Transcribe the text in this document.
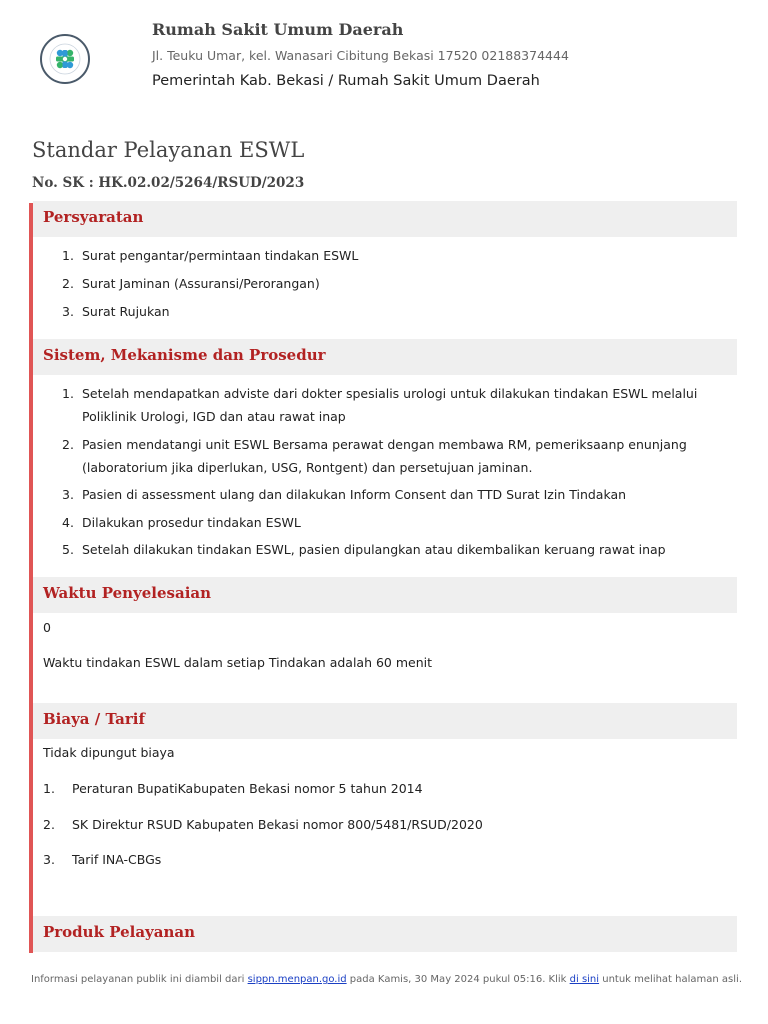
Rumah Sakit Umum Daerah
Jl. Teuku Umar, kel. Wanasari Cibitung Bekasi 17520 02188374444
Pemerintah Kab. Bekasi / Rumah Sakit Umum Daerah
Standar Pelayanan ESWL
No. SK : HK.02.02/5264/RSUD/2023
Persyaratan
1. Surat pengantar/permintaan tindakan ESWL
2. Surat Jaminan (Assuransi/Perorangan)
3. Surat Rujukan
Sistem, Mekanisme dan Prosedur
1. Setelah mendapatkan adviste dari dokter spesialis urologi untuk dilakukan tindakan ESWL melalui Poliklinik Urologi, IGD dan atau rawat inap
2. Pasien mendatangi unit ESWL Bersama perawat dengan membawa RM, pemeriksaanp enunjang (laboratorium jika diperlukan, USG, Rontgent) dan persetujuan jaminan.
3. Pasien di assessment ulang dan dilakukan Inform Consent dan TTD Surat Izin Tindakan
4. Dilakukan prosedur tindakan ESWL
5. Setelah dilakukan tindakan ESWL, pasien dipulangkan atau dikembalikan keruang rawat inap
Waktu Penyelesaian
0
Waktu tindakan ESWL dalam setiap Tindakan adalah 60 menit
Biaya / Tarif
Tidak dipungut biaya
1. Peraturan BupatiKabupaten Bekasi nomor 5 tahun 2014
2. SK Direktur RSUD Kabupaten Bekasi nomor 800/5481/RSUD/2020
3. Tarif INA-CBGs
Produk Pelayanan
Informasi pelayanan publik ini diambil dari sippn.menpan.go.id pada Kamis, 30 May 2024 pukul 05:16. Klik di sini untuk melihat halaman asli.
